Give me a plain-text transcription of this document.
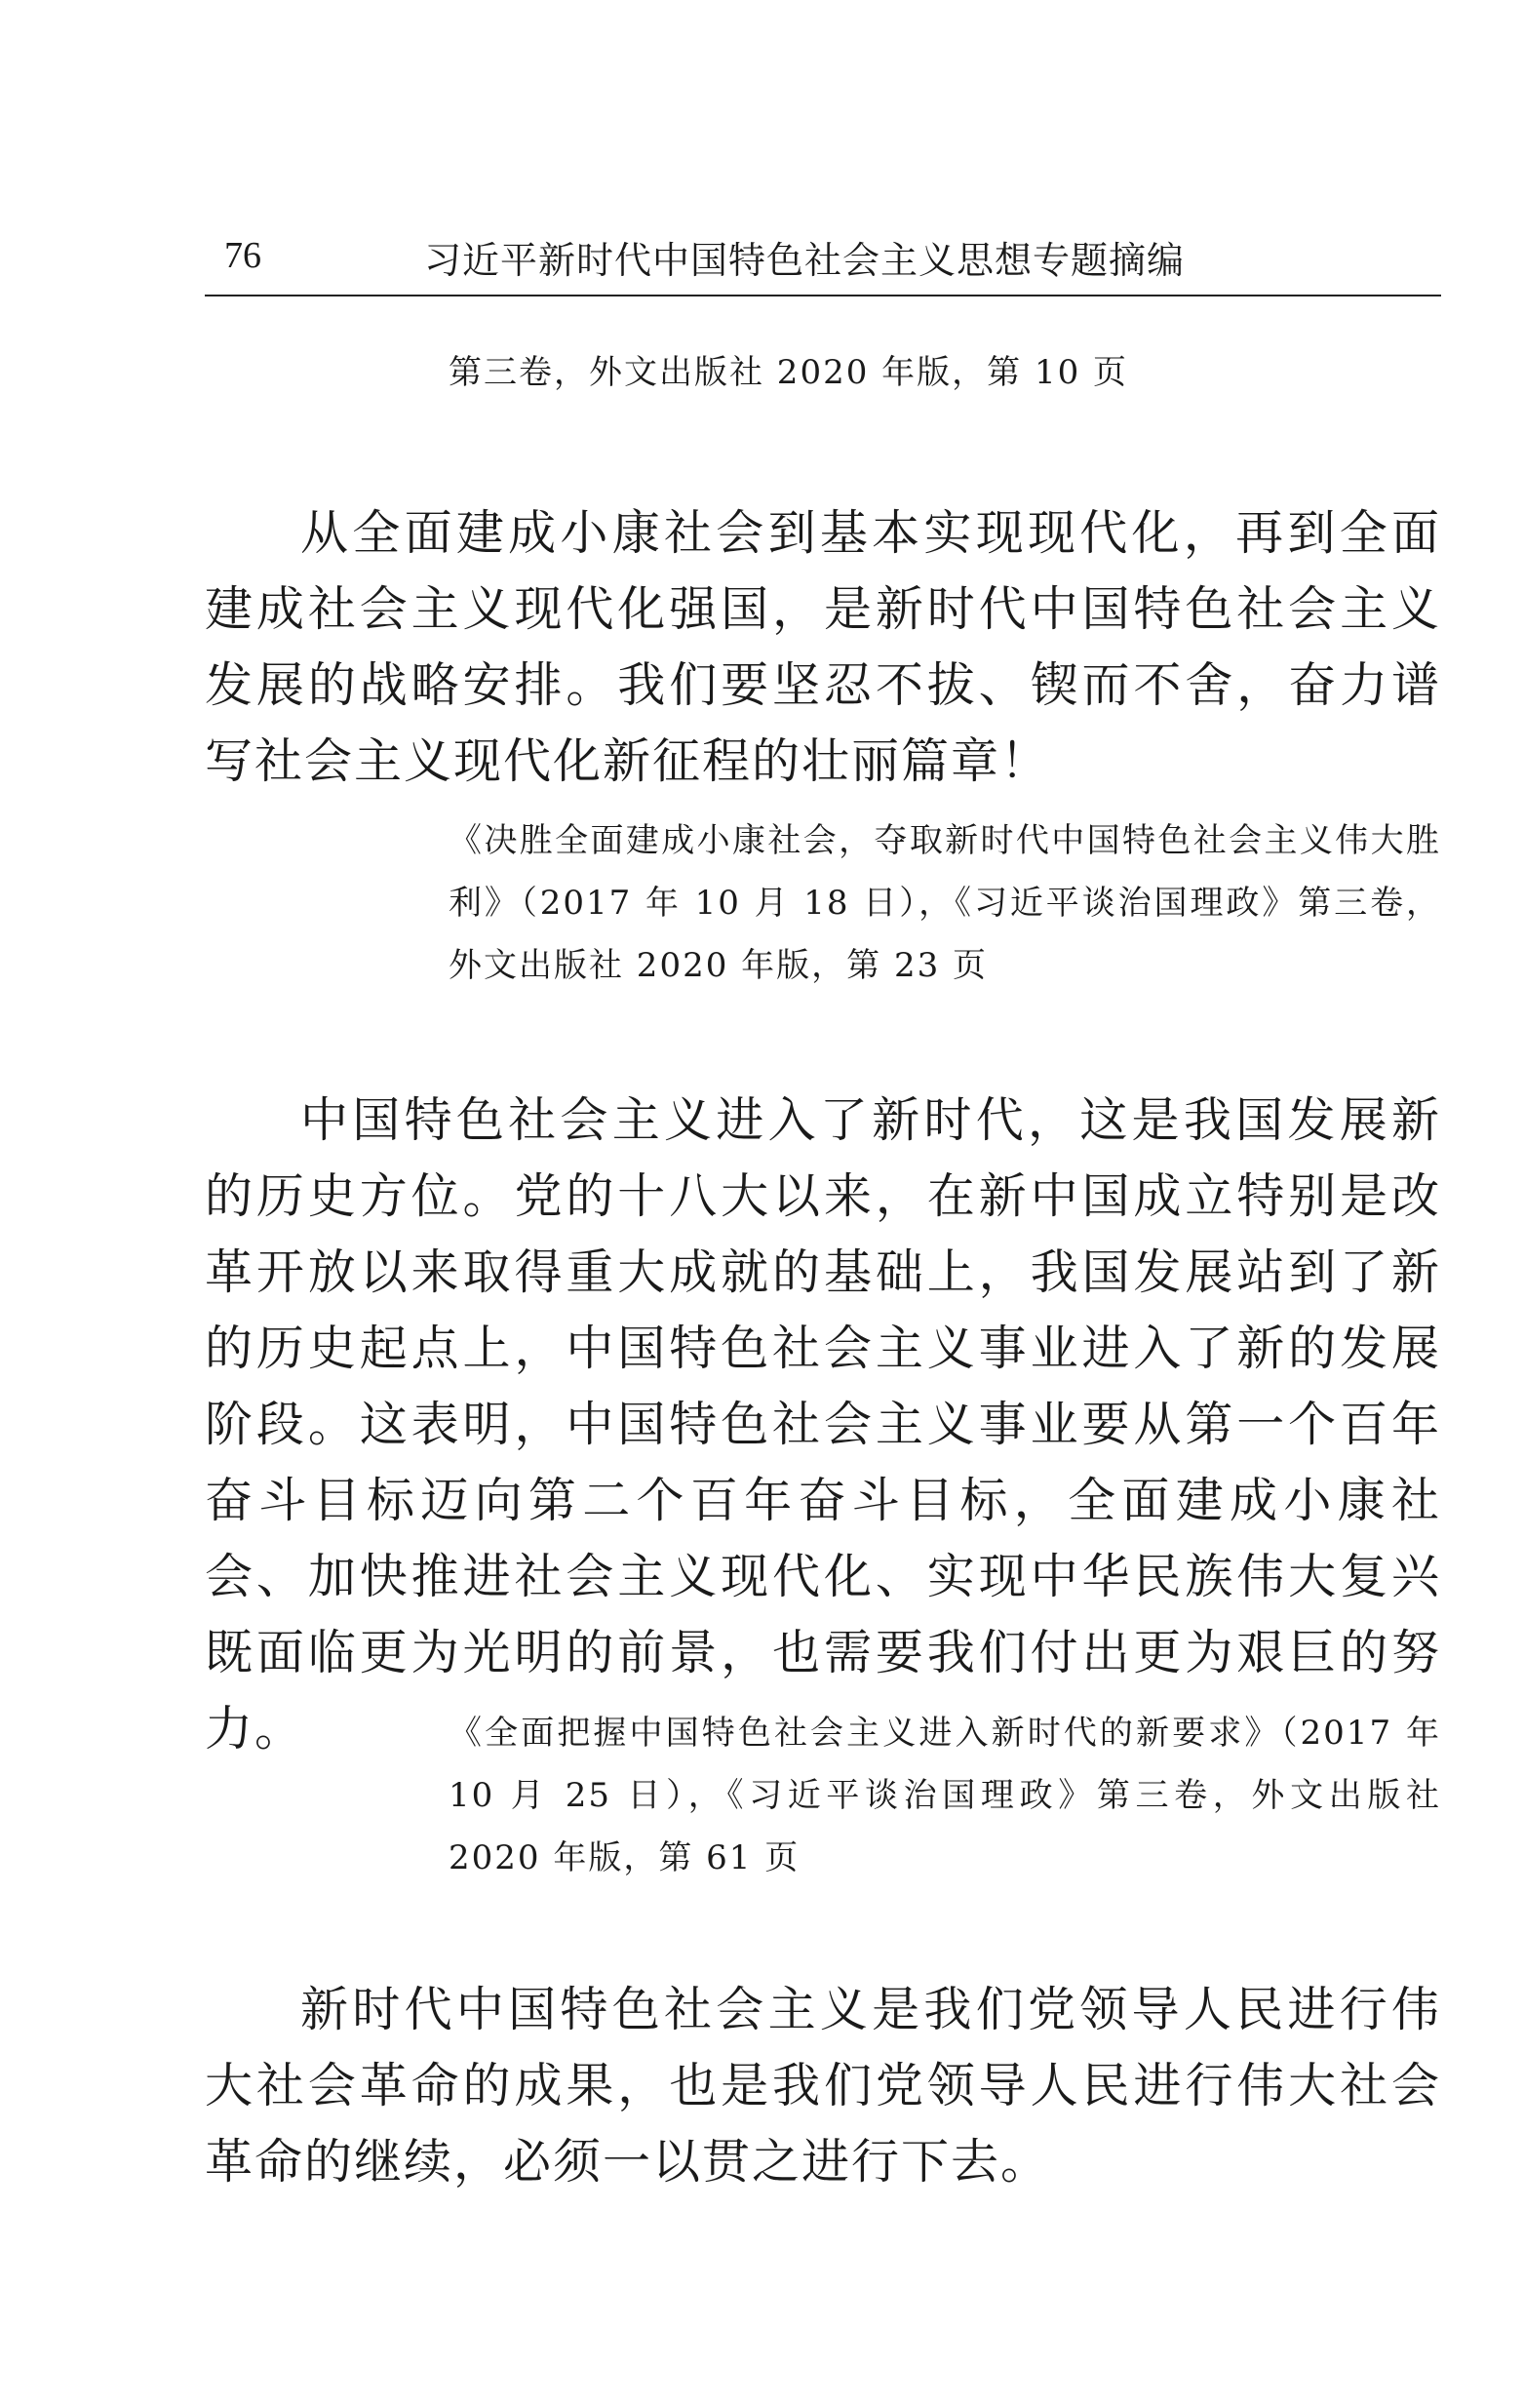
76	习近平新时代中国特色社会主义思想专题摘编

第三卷，外文出版社 2020 年版，第 10 页

从全面建成小康社会到基本实现现代化，再到全面建成社会主义现代化强国，是新时代中国特色社会主义发展的战略安排。我们要坚忍不拔、锲而不舍，奋力谱写社会主义现代化新征程的壮丽篇章！

《决胜全面建成小康社会，夺取新时代中国特色社会主义伟大胜利》（2017 年 10 月 18 日），《习近平谈治国理政》第三卷，外文出版社 2020 年版，第 23 页

中国特色社会主义进入了新时代，这是我国发展新的历史方位。党的十八大以来，在新中国成立特别是改革开放以来取得重大成就的基础上，我国发展站到了新的历史起点上，中国特色社会主义事业进入了新的发展阶段。这表明，中国特色社会主义事业要从第一个百年奋斗目标迈向第二个百年奋斗目标，全面建成小康社会、加快推进社会主义现代化、实现中华民族伟大复兴既面临更为光明的前景，也需要我们付出更为艰巨的努力。	《全面把握中国特色社会主义进入新时代的新要求》（2017 年 10 月 25 日），《习近平谈治国理政》第三卷，外文出版社 2020 年版，第 61 页

新时代中国特色社会主义是我们党领导人民进行伟大社会革命的成果，也是我们党领导人民进行伟大社会革命的继续，必须一以贯之进行下去。
